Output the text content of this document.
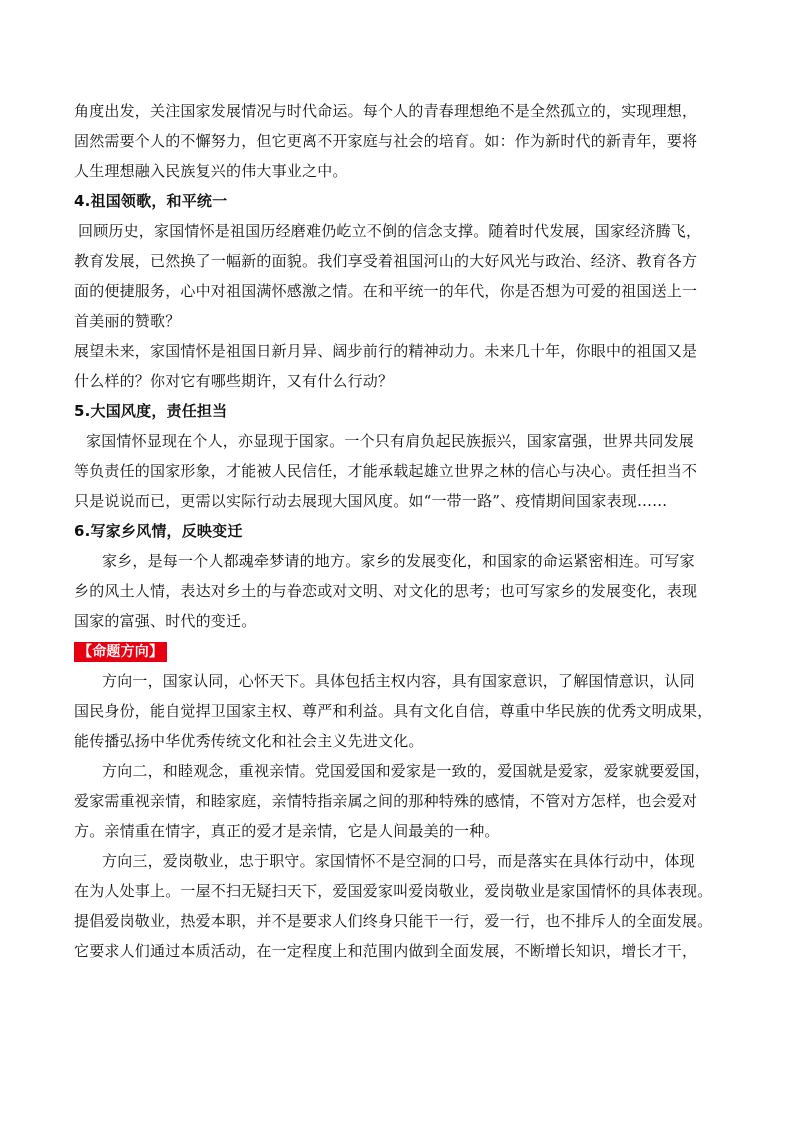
角度出发，关注国家发展情况与时代命运。每个人的青春理想绝不是全然孤立的，实现理想，
固然需要个人的不懈努力，但它更离不开家庭与社会的培育。如：作为新时代的新青年，要将
人生理想融入民族复兴的伟大事业之中。
4.祖国领歌，和平统一
回顾历史，家国情怀是祖国历经磨难仍屹立不倒的信念支撑。随着时代发展，国家经济腾飞，
教育发展，已然换了一幅新的面貌。我们享受着祖国河山的大好风光与政治、经济、教育各方
面的便捷服务，心中对祖国满怀感激之情。在和平统一的年代，你是否想为可爱的祖国送上一
首美丽的赞歌？
展望未来，家国情怀是祖国日新月异、阔步前行的精神动力。未来几十年，你眼中的祖国又是
什么样的？你对它有哪些期许，又有什么行动？
5.大国风度，责任担当
家国情怀显现在个人，亦显现于国家。一个只有肩负起民族振兴，国家富强，世界共同发展
等负责任的国家形象，才能被人民信任，才能承载起雄立世界之林的信心与决心。责任担当不
只是说说而已，更需以实际行动去展现大国风度。如“一带一路”、疫情期间国家表现……
6.写家乡风情，反映变迁
家乡，是每一个人都魂牵梦请的地方。家乡的发展变化，和国家的命运紧密相连。可写家
乡的风土人情，表达对乡土的与眷恋或对文明、对文化的思考；也可写家乡的发展变化，表现
国家的富强、时代的变迁。
【命题方向】
方向一，国家认同，心怀天下。具体包括主权内容，具有国家意识，了解国情意识，认同
国民身份，能自觉捍卫国家主权、尊严和利益。具有文化自信，尊重中华民族的优秀文明成果，
能传播弘扬中华优秀传统文化和社会主义先进文化。
方向二，和睦观念，重视亲情。党国爱国和爱家是一致的，爱国就是爱家，爱家就要爱国，
爱家需重视亲情，和睦家庭，亲情特指亲属之间的那种特殊的感情，不管对方怎样，也会爱对
方。亲情重在情字，真正的爱才是亲情，它是人间最美的一种。
方向三，爱岗敬业，忠于职守。家国情怀不是空洞的口号，而是落实在具体行动中，体现
在为人处事上。一屋不扫无疑扫天下，爱国爱家叫爱岗敬业，爱岗敬业是家国情怀的具体表现。
提倡爱岗敬业，热爱本职，并不是要求人们终身只能干一行，爱一行，也不排斥人的全面发展。
它要求人们通过本质活动，在一定程度上和范围内做到全面发展，不断增长知识，增长才干，
